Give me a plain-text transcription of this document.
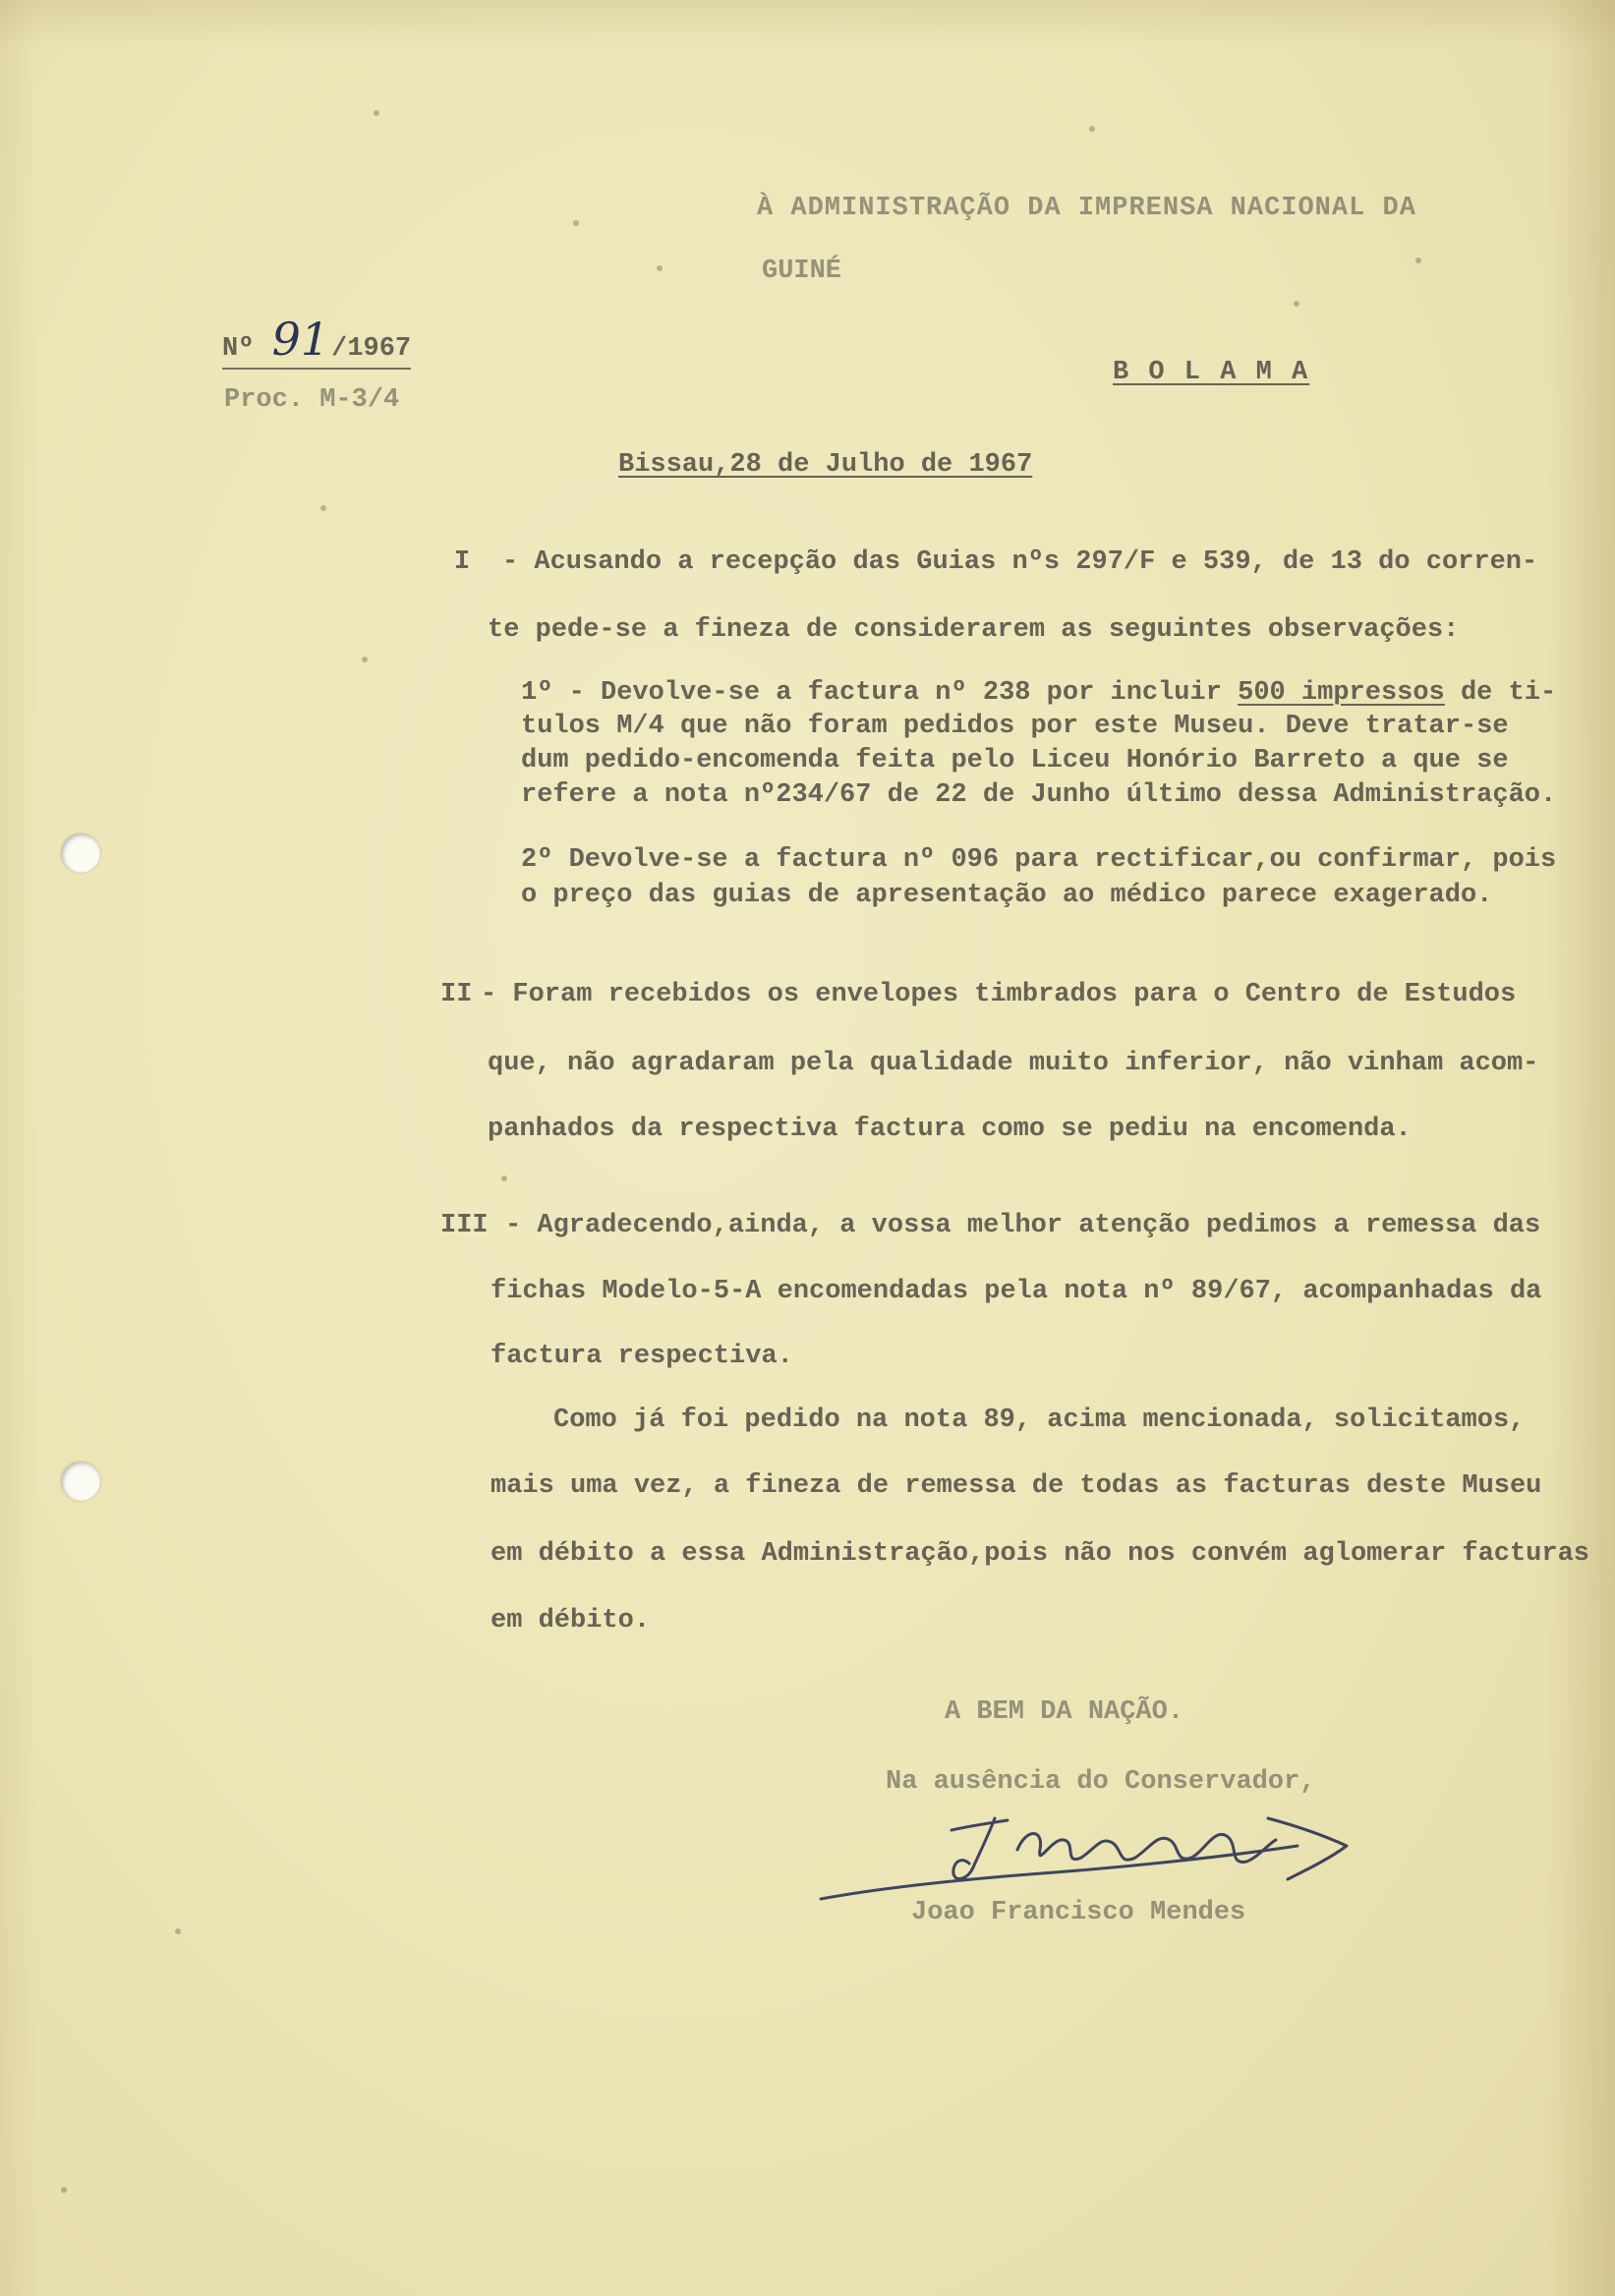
À ADMINISTRAÇÃO DA IMPRENSA NACIONAL DA
GUINÉ
Nº 91 /1967
Proc. M-3/4
B O L A M A
Bissau,28 de Julho de 1967
I - Acusando a recepção das Guias nºs 297/F e 539, de 13 do corren-
te pede-se a fineza de considerarem as seguintes observações:
1º - Devolve-se a factura nº 238 por incluir 500 impressos de ti-
tulos M/4 que não foram pedidos por este Museu. Deve tratar-se
dum pedido-encomenda feita pelo Liceu Honório Barreto a que se
refere a nota nº234/67 de 22 de Junho último dessa Administração.
2º Devolve-se a factura nº 096 para rectificar,ou confirmar, pois
o preço das guias de apresentação ao médico parece exagerado.
II - Foram recebidos os envelopes timbrados para o Centro de Estudos
que, não agradaram pela qualidade muito inferior, não vinham acom-
panhados da respectiva factura como se pediu na encomenda.
III - Agradecendo,ainda, a vossa melhor atenção pedimos a remessa das
fichas Modelo-5-A encomendadas pela nota nº 89/67, acompanhadas da
factura respectiva.
Como já foi pedido na nota 89, acima mencionada, solicitamos,
mais uma vez, a fineza de remessa de todas as facturas deste Museu
em débito a essa Administração,pois não nos convém aglomerar facturas
em débito.
A BEM DA NAÇÃO.
Na ausência do Conservador,
Joao Francisco Mendes
